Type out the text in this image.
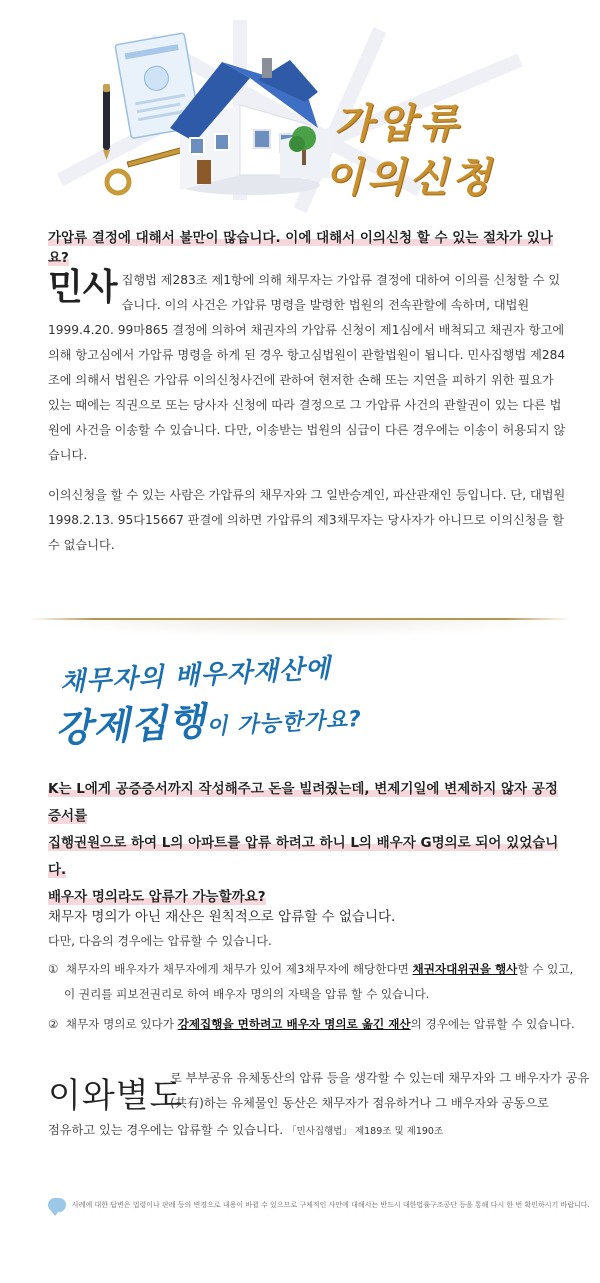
가압류
이의신청
가압류 결정에 대해서 불만이 많습니다. 이에 대해서 이의신청 할 수 있는 절차가 있나요?
민사 집행법 제283조 제1항에 의해 채무자는 가압류 결정에 대하여 이의를 신청할 수 있습니다. 이의 사건은 가압류 명령을 발령한 법원의 전속관할에 속하며, 대법원 1999.4.20. 99마865 결정에 의하여 채권자의 가압류 신청이 제1심에서 배척되고 채권자 항고에 의해 항고심에서 가압류 명령을 하게 된 경우 항고심법원이 관할법원이 됩니다. 민사집행법 제284조에 의해서 법원은 가압류 이의신청사건에 관하여 현저한 손해 또는 지연을 피하기 위한 필요가 있는 때에는 직권으로 또는 당사자 신청에 따라 결정으로 그 가압류 사건의 관할권이 있는 다른 법원에 사건을 이송할 수 있습니다. 다만, 이송받는 법원의 심급이 다른 경우에는 이송이 허용되지 않습니다.
이의신청을 할 수 있는 사람은 가압류의 채무자와 그 일반승계인, 파산관재인 등입니다. 단, 대법원 1998.2.13. 95다15667 판결에 의하면 가압류의 제3채무자는 당사자가 아니므로 이의신청을 할 수 없습니다.
채무자의 배우자재산에
강제집행이 가능한가요?
K는 L에게 공증증서까지 작성해주고 돈을 빌려줬는데, 변제기일에 변제하지 않자 공정증서를
집행권원으로 하여 L의 아파트를 압류 하려고 하니 L의 배우자 G명의로 되어 있었습니다.
배우자 명의라도 압류가 가능할까요?
채무자 명의가 아닌 재산은 원칙적으로 압류할 수 없습니다.
다만, 다음의 경우에는 압류할 수 있습니다.
① 채무자의 배우자가 채무자에게 채무가 있어 제3채무자에 해당한다면 채권자대위권을 행사할 수 있고,
이 권리를 피보전권리로 하여 배우자 명의의 자택을 압류 할 수 있습니다.
② 채무자 명의로 있다가 강제집행을 면하려고 배우자 명의로 옮긴 재산의 경우에는 압류할 수 있습니다.
이와별도
로 부부공유 유체동산의 압류 등을 생각할 수 있는데 채무자와 그 배우자가 공유(共有)하는 유체물인 동산은 채무자가 점유하거나 그 배우자와 공동으로
점유하고 있는 경우에는 압류할 수 있습니다. 「민사집행법」 제189조 및 제190조
사례에 대한 답변은 법령이나 판례 등의 변경으로 내용이 바뀔 수 있으므로 구체적인 사안에 대해서는 반드시 대한법률구조공단 등을 통해 다시 한 번 확인하시기 바랍니다.
